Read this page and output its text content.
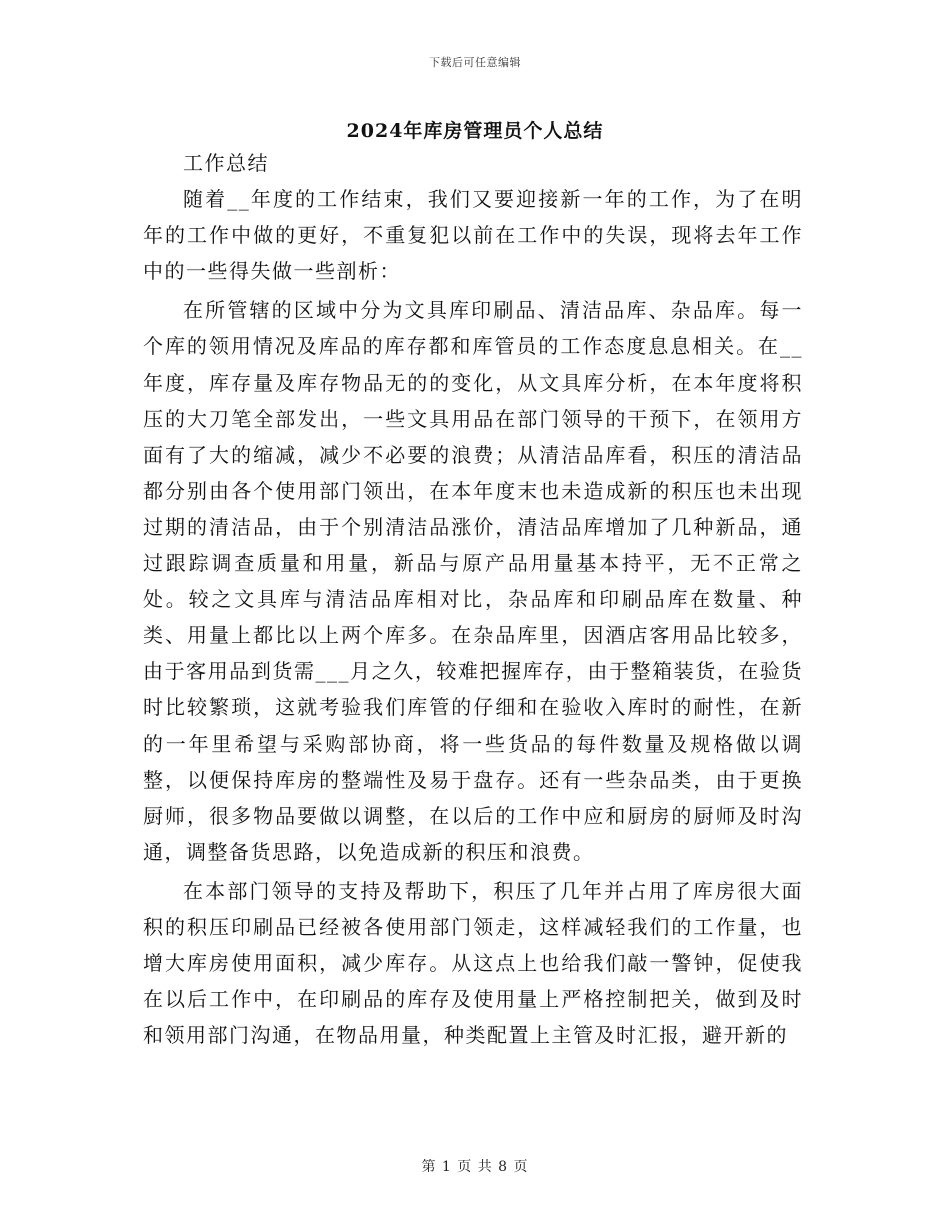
下载后可任意编辑
2024年库房管理员个人总结

工作总结

随着__年度的工作结束，我们又要迎接新一年的工作，为了在明年的工作中做的更好，不重复犯以前在工作中的失误，现将去年工作中的一些得失做一些剖析：

在所管辖的区域中分为文具库印刷品、清洁品库、杂品库。每一个库的领用情况及库品的库存都和库管员的工作态度息息相关。在__年度，库存量及库存物品无的的变化，从文具库分析，在本年度将积压的大刀笔全部发出，一些文具用品在部门领导的干预下，在领用方面有了大的缩减，减少不必要的浪费；从清洁品库看，积压的清洁品都分别由各个使用部门领出，在本年度末也未造成新的积压也未出现过期的清洁品，由于个别清洁品涨价，清洁品库增加了几种新品，通过跟踪调查质量和用量，新品与原产品用量基本持平，无不正常之处。较之文具库与清洁品库相对比，杂品库和印刷品库在数量、种类、用量上都比以上两个库多。在杂品库里，因酒店客用品比较多，由于客用品到货需___月之久，较难把握库存，由于整箱装货，在验货时比较繁琐，这就考验我们库管的仔细和在验收入库时的耐性，在新的一年里希望与采购部协商，将一些货品的每件数量及规格做以调整，以便保持库房的整端性及易于盘存。还有一些杂品类，由于更换厨师，很多物品要做以调整，在以后的工作中应和厨房的厨师及时沟通，调整备货思路，以免造成新的积压和浪费。

在本部门领导的支持及帮助下，积压了几年并占用了库房很大面积的积压印刷品已经被各使用部门领走，这样减轻我们的工作量，也增大库房使用面积，减少库存。从这点上也给我们敲一警钟，促使我在以后工作中，在印刷品的库存及使用量上严格控制把关，做到及时和领用部门沟通，在物品用量，种类配置上主管及时汇报，避开新的

第 1 页 共 8 页
